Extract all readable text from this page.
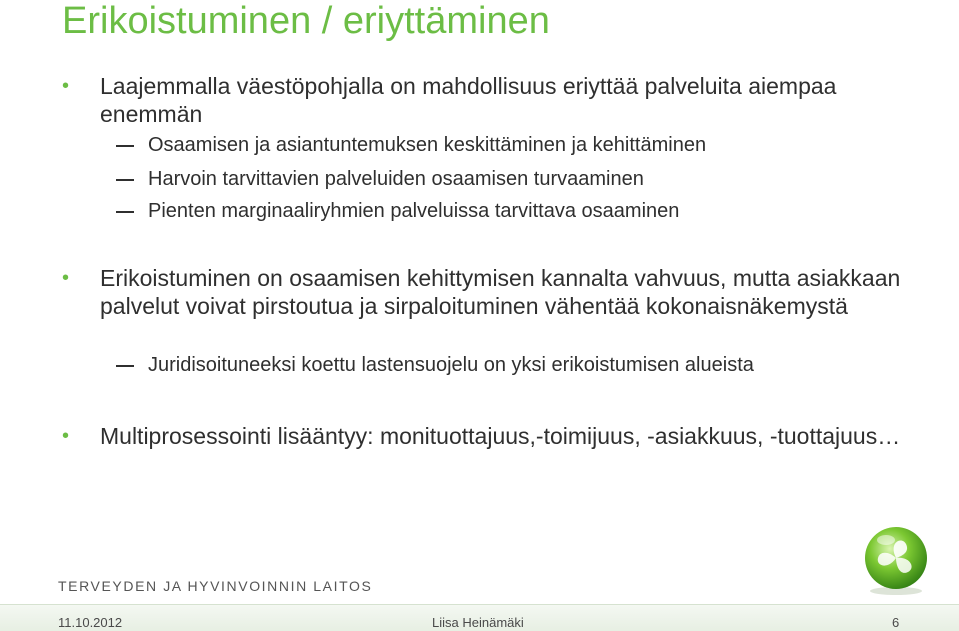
Erikoistuminen / eriyttäminen
• Laajemmalla väestöpohjalla on mahdollisuus eriyttää palveluita aiempaa enemmän
Osaamisen ja asiantuntemuksen keskittäminen ja kehittäminen
Harvoin tarvittavien palveluiden osaamisen turvaaminen
Pienten marginaaliryhmien palveluissa tarvittava osaaminen
• Erikoistuminen on osaamisen kehittymisen kannalta vahvuus, mutta asiakkaan palvelut voivat pirstoutua ja sirpaloituminen vähentää kokonaisnäkemystä
Juridisoituneeksi koettu lastensuojelu on yksi erikoistumisen alueista
• Multiprosessointi lisääntyy: monituottajuus,-toimijuus, -asiakkuus, -tuottajuus…
TERVEYDEN JA HYVINVOINNIN LAITOS
11.10.2012	Liisa Heinämäki	6
